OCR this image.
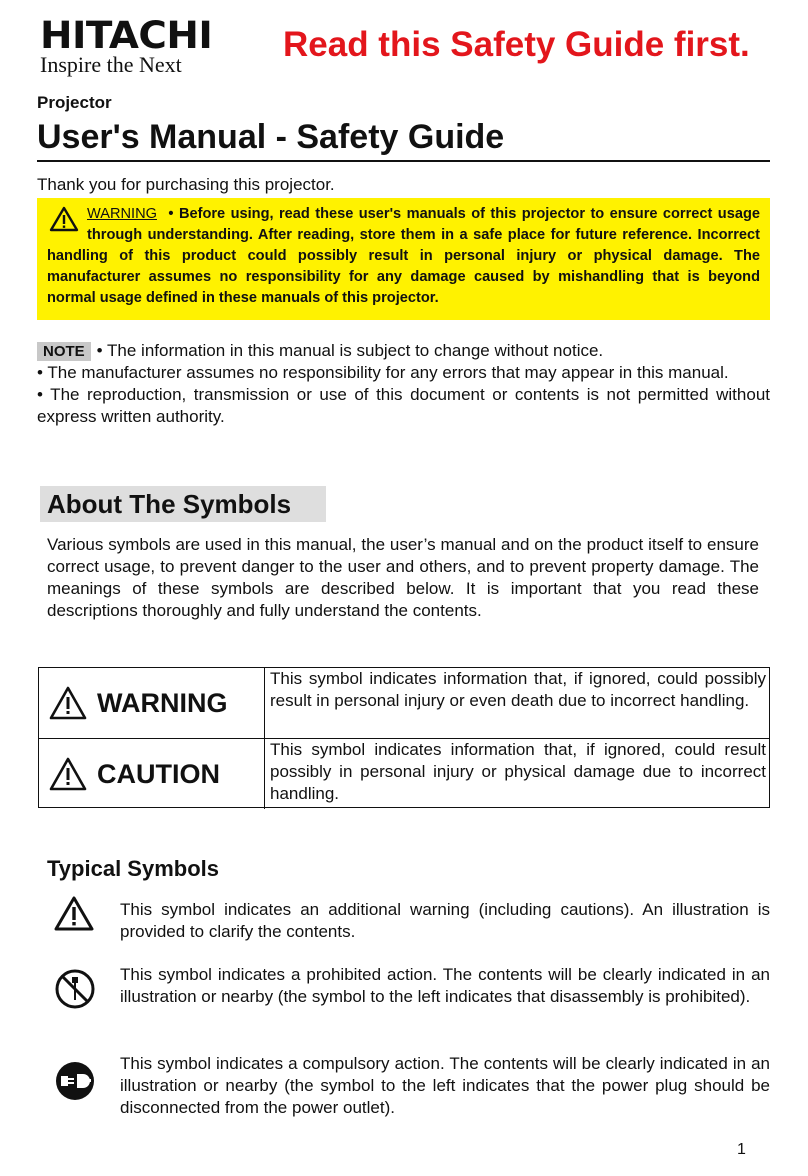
HITACHI
Inspire the Next
Read this Safety Guide first.
Projector
User's Manual - Safety Guide
Thank you for purchasing this projector.
WARNING • Before using, read these user's manuals of this projector to ensure correct usage through understanding. After reading, store them in a safe place for future reference. Incorrect handling of this product could possibly result in personal injury or physical damage. The manufacturer assumes no responsibility for any damage caused by mishandling that is beyond normal usage defined in these manuals of this projector.

NOTE • The information in this manual is subject to change without notice.

• The manufacturer assumes no responsibility for any errors that may appear in this manual.

• The reproduction, transmission or use of this document or contents is not permitted without express written authority.

About The Symbols
Various symbols are used in this manual, the user’s manual and on the product itself to ensure correct usage, to prevent danger to the user and others, and to prevent property damage. The meanings of these symbols are described below. It is important that you read these descriptions thoroughly and fully understand the contents.
WARNING
This symbol indicates information that, if ignored, could possibly result in personal injury or even death due to incorrect handling.
CAUTION
This symbol indicates information that, if ignored, could result possibly in personal injury or physical damage due to incorrect handling.
Typical Symbols
This symbol indicates an additional warning (including cautions). An illustration is provided to clarify the contents.
This symbol indicates a prohibited action. The contents will be clearly indicated in an illustration or nearby (the symbol to the left indicates that disassembly is prohibited).
This symbol indicates a compulsory action. The contents will be clearly indicated in an illustration or nearby (the symbol to the left indicates that the power plug should be disconnected from the power outlet).
1
